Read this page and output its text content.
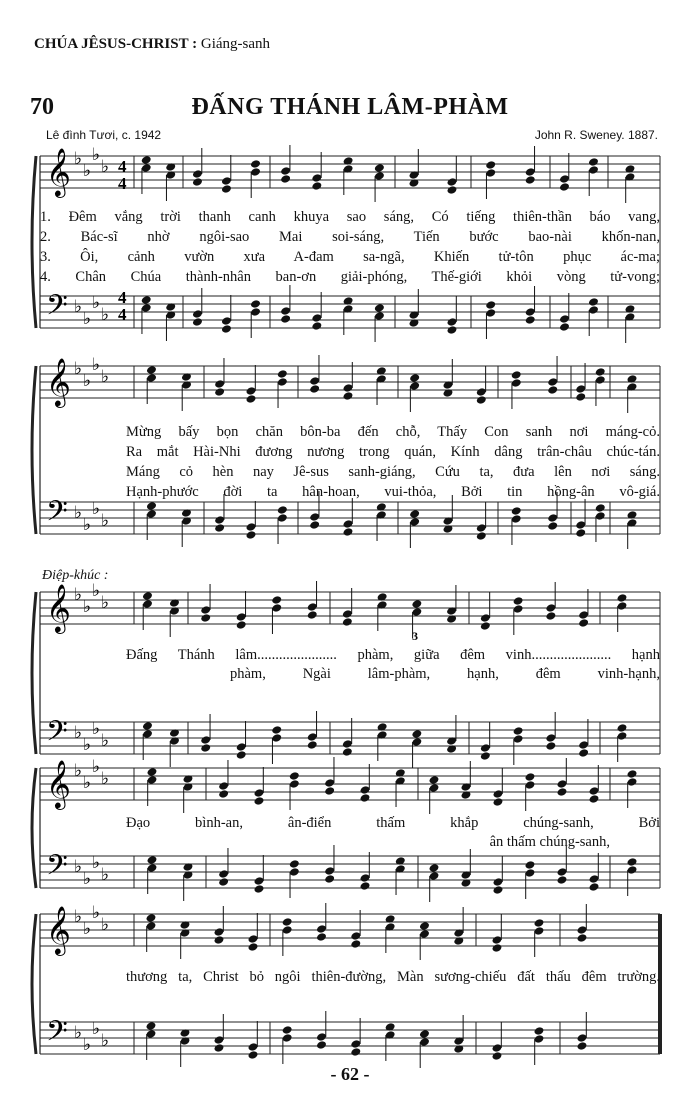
CHÚA JÊSUS-CHRIST : Giáng-sanh
70	ĐẤNG THÁNH LÂM-PHÀM
Lê đình Tươi, c. 1942	John R. Sweney. 1887.
𝄞 ♭
♭
♭
♭
𝄢 ♭
♭
♭
♭
𝄞 ♭
♭
♭
♭
𝄢 ♭
♭
♭
♭
𝄞 ♭
♭
♭
♭
𝄢 ♭
♭
♭
♭
𝄞 ♭
♭
♭
♭
𝄢 ♭
♭
♭
♭
𝄞 ♭
♭
♭
♭
𝄢 ♭
♭
♭
♭
4
4
4
4
3
1. Đêm vắng trời thanh canh khuya sao sáng, Có tiếng thiên-thần báo vang,
2. Bác-sĩ nhờ ngôi-sao Mai soi-sáng, Tiến bước bao-nài khốn-nan,
3. Ôi, cảnh vườn xưa A-đam sa-ngã, Khiến tử-tôn phục ác-ma;
4. Chân Chúa thành-nhân ban-ơn giải-phóng, Thế-giới khỏi vòng tử-vong;
Mừng bấy bọn chăn bôn-ba đến chỗ, Thấy Con sanh nơi máng-cỏ.
Ra mắt Hài-Nhi đương nương trong quán, Kính dâng trân-châu chúc-tán.
Máng cỏ hèn nay Jê-sus sanh-giáng, Cứu ta, đưa lên nơi sáng.
Hạnh-phước đời ta hân-hoan, vui-thỏa, Bởi tin hồng-ân vô-giá.
Điệp-khúc :
Đấng Thánh lâm...................... phàm, giữa đêm vinh...................... hạnh
phàm, Ngài lâm-phàm, hạnh, đêm vinh-hạnh,
Đạo bình-an, ân-điển thấm khắp chúng-sanh, Bởi
ân thấm chúng-sanh,
thương ta, Christ bỏ ngôi thiên-đường, Màn sương-chiếu đất thấu đêm trường.
- 62 -
